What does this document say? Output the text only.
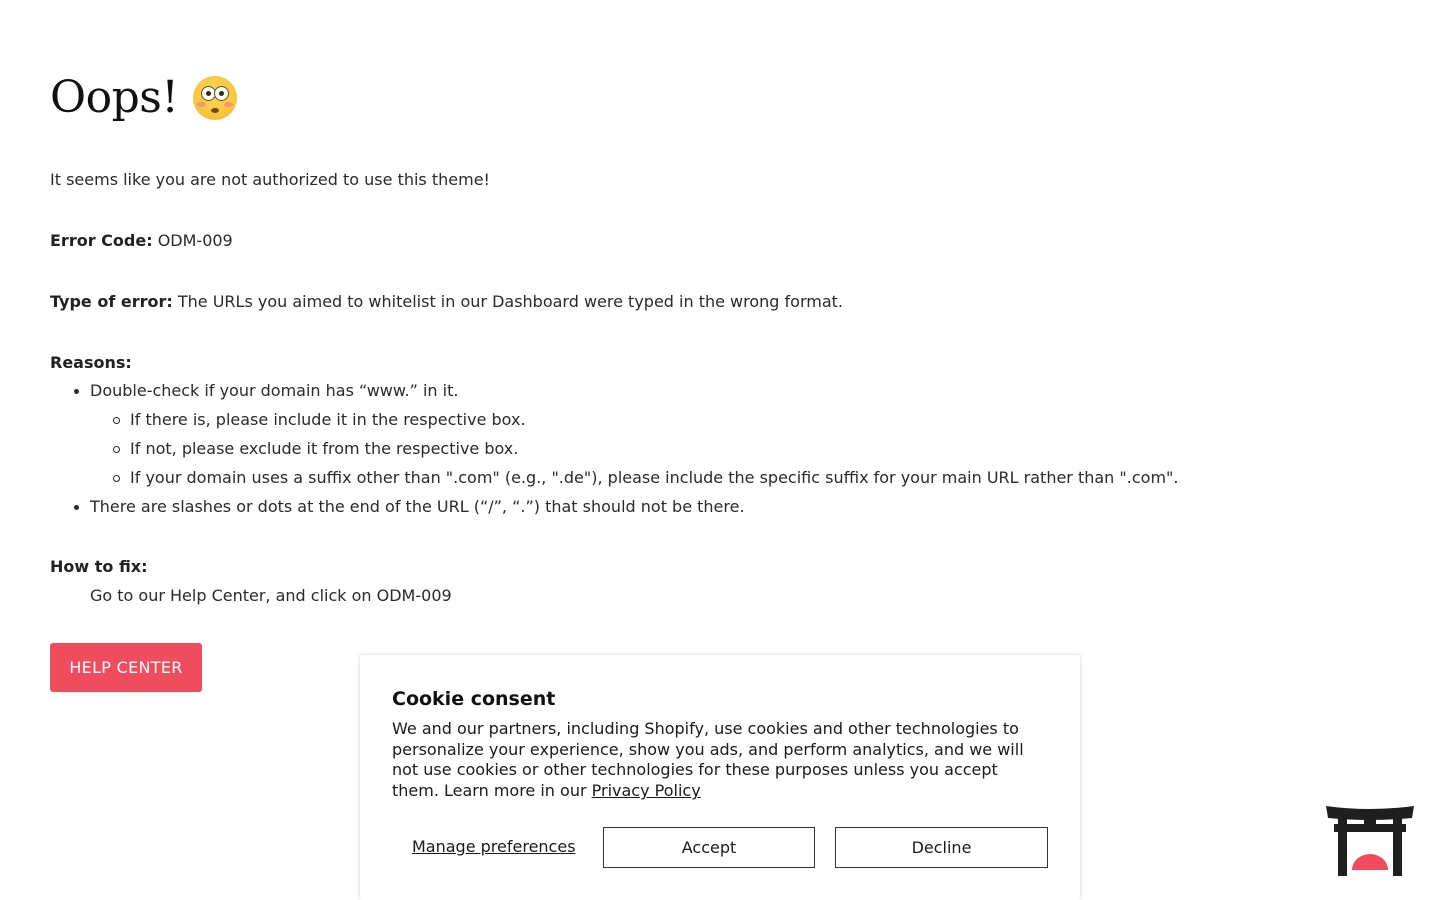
Oops!

It seems like you are not authorized to use this theme!

Error Code: ODM-009

Type of error: The URLs you aimed to whitelist in our Dashboard were typed in the wrong format.

Reasons:

Double-check if your domain has “www.” in it.
If there is, please include it in the respective box.
If not, please exclude it from the respective box.
If your domain uses a suffix other than ".com" (e.g., ".de"), please include the specific suffix for your main URL rather than ".com".
There are slashes or dots at the end of the URL (“/”, “.”) that should not be there.

How to fix:

Go to our Help Center, and click on ODM-009

HELP CENTER
Cookie consent

We and our partners, including Shopify, use cookies and other technologies to personalize your experience, show you ads, and perform analytics, and we will not use cookies or other technologies for these purposes unless you accept them. Learn more in our Privacy Policy

Manage preferences	Accept	Decline
